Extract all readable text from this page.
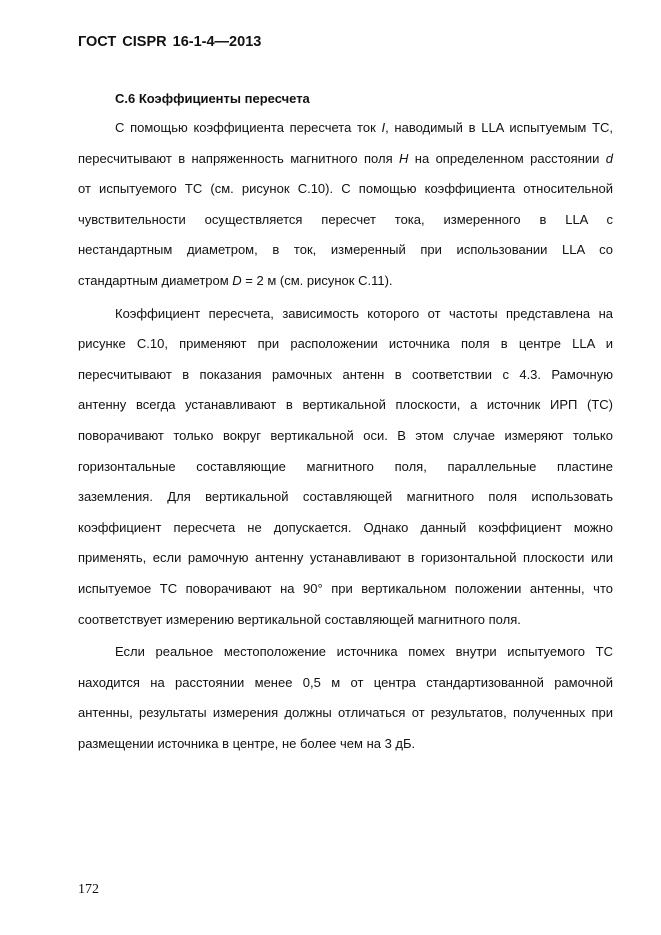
ГОСТ CISPR 16-1-4—2013
С.6 Коэффициенты пересчета
С помощью коэффициента пересчета ток I, наводимый в LLA испытуемым ТС,
пересчитывают в напряженность магнитного поля H на определенном расстоянии d
от испытуемого ТС (см. рисунок С.10). С помощью коэффициента относительной
чувствительности осуществляется пересчет тока, измеренного в LLA с
нестандартным диаметром, в ток, измеренный при использовании LLA со
стандартным диаметром D = 2 м (см. рисунок С.11).
Коэффициент пересчета, зависимость которого от частоты представлена на
рисунке С.10, применяют при расположении источника поля в центре LLA и
пересчитывают в показания рамочных антенн в соответствии с 4.3. Рамочную
антенну всегда устанавливают в вертикальной плоскости, а источник ИРП (ТС)
поворачивают только вокруг вертикальной оси. В этом случае измеряют только
горизонтальные составляющие магнитного поля, параллельные пластине
заземления. Для вертикальной составляющей магнитного поля использовать
коэффициент пересчета не допускается. Однако данный коэффициент можно
применять, если рамочную антенну устанавливают в горизонтальной плоскости или
испытуемое ТС поворачивают на 90° при вертикальном положении антенны, что
соответствует измерению вертикальной составляющей магнитного поля.
Если реальное местоположение источника помех внутри испытуемого ТС
находится на расстоянии менее 0,5 м от центра стандартизованной рамочной
антенны, результаты измерения должны отличаться от результатов, полученных при
размещении источника в центре, не более чем на 3 дБ.
172
